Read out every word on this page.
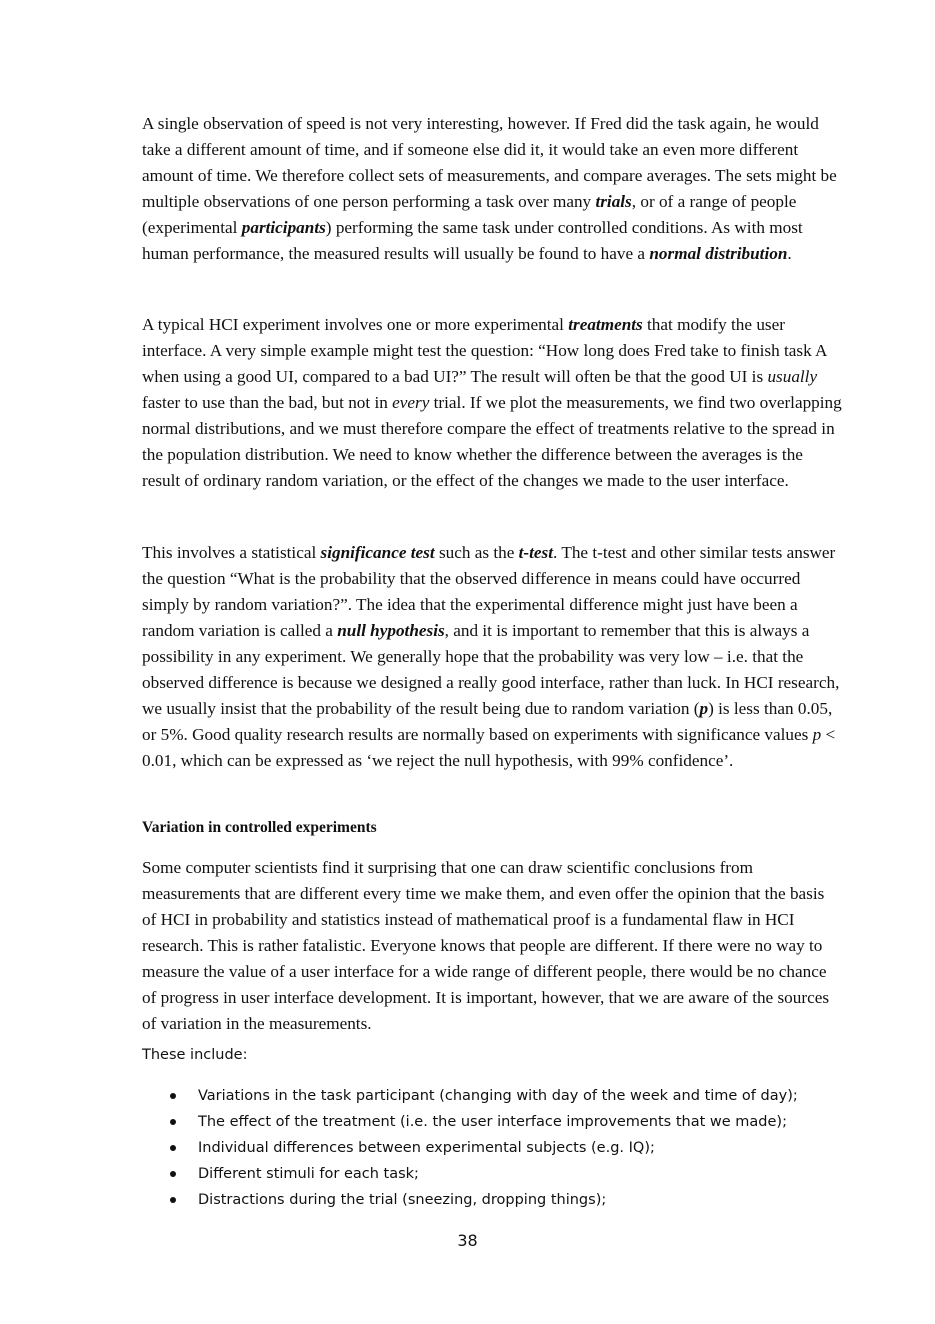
A single observation of speed is not very interesting, however. If Fred did the task again, he would take a different amount of time, and if someone else did it, it would take an even more different amount of time. We therefore collect sets of measurements, and compare averages. The sets might be multiple observations of one person performing a task over many trials, or of a range of people (experimental participants) performing the same task under controlled conditions. As with most human performance, the measured results will usually be found to have a normal distribution.

A typical HCI experiment involves one or more experimental treatments that modify the user interface. A very simple example might test the question: “How long does Fred take to finish task A when using a good UI, compared to a bad UI?” The result will often be that the good UI is usually faster to use than the bad, but not in every trial. If we plot the measurements, we find two overlapping normal distributions, and we must therefore compare the effect of treatments relative to the spread in the population distribution. We need to know whether the difference between the averages is the result of ordinary random variation, or the effect of the changes we made to the user interface.

This involves a statistical significance test such as the t-test. The t-test and other similar tests answer the question “What is the probability that the observed difference in means could have occurred simply by random variation?”. The idea that the experimental difference might just have been a random variation is called a null hypothesis, and it is important to remember that this is always a possibility in any experiment. We generally hope that the probability was very low – i.e. that the observed difference is because we designed a really good interface, rather than luck. In HCI research, we usually insist that the probability of the result being due to random variation (p) is less than 0.05, or 5%. Good quality research results are normally based on experiments with significance values p < 0.01, which can be expressed as ‘we reject the null hypothesis, with 99% confidence’.

Variation in controlled experiments

Some computer scientists find it surprising that one can draw scientific conclusions from measurements that are different every time we make them, and even offer the opinion that the basis of HCI in probability and statistics instead of mathematical proof is a fundamental flaw in HCI research. This is rather fatalistic. Everyone knows that people are different. If there were no way to measure the value of a user interface for a wide range of different people, there would be no chance of progress in user interface development. It is important, however, that we are aware of the sources of variation in the measurements.

These include:

Variations in the task participant (changing with day of the week and time of day);
The effect of the treatment (i.e. the user interface improvements that we made);
Individual differences between experimental subjects (e.g. IQ);
Different stimuli for each task;
Distractions during the trial (sneezing, dropping things);
38
